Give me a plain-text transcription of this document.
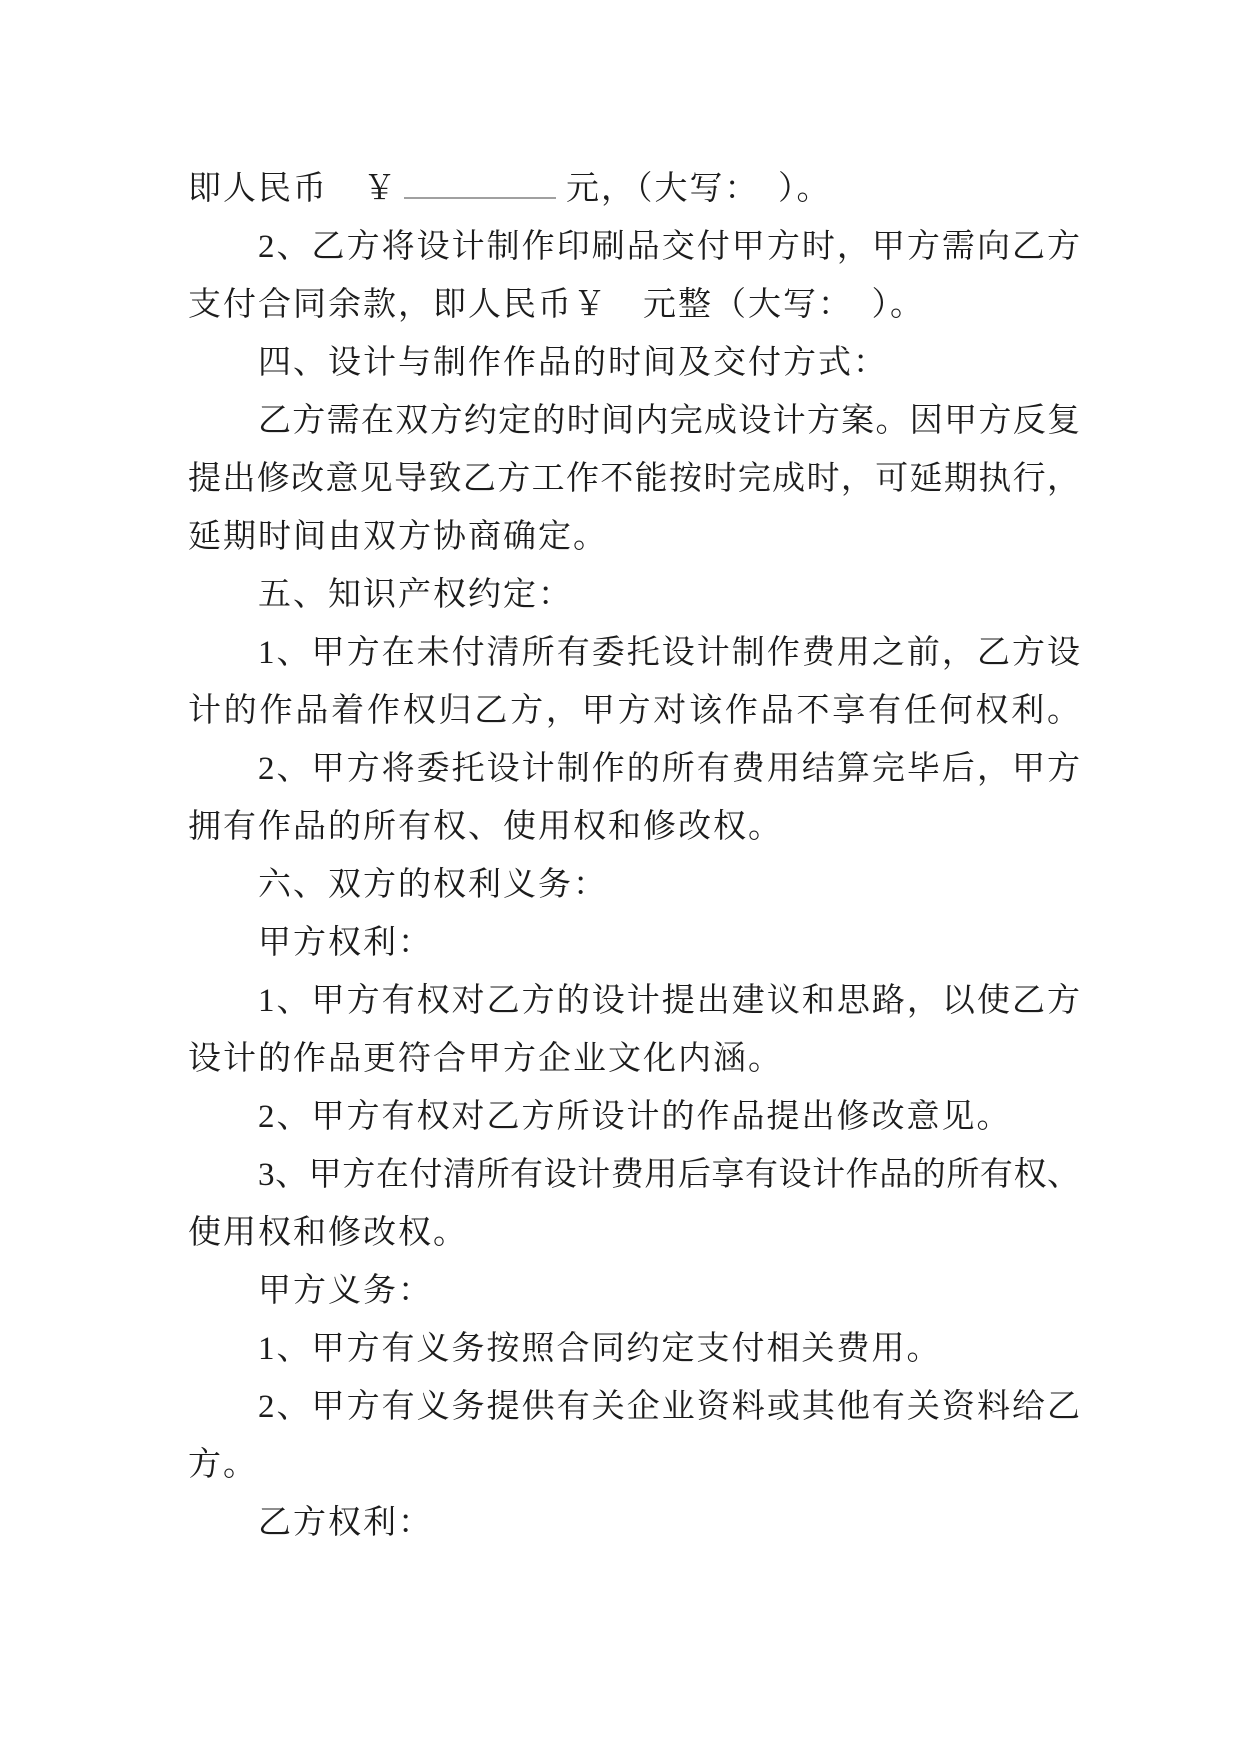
即人民币　￥	元，（大写：　）。
2、乙方将设计制作印刷品交付甲方时，甲方需向乙方
支付合同余款，即人民币￥　元整（大写：　）。
四、设计与制作作品的时间及交付方式：
乙方需在双方约定的时间内完成设计方案。因甲方反复
提出修改意见导致乙方工作不能按时完成时，可延期执行，
延期时间由双方协商确定。
五、知识产权约定：
1、甲方在未付清所有委托设计制作费用之前，乙方设
计的作品着作权归乙方，甲方对该作品不享有任何权利。
2、甲方将委托设计制作的所有费用结算完毕后，甲方
拥有作品的所有权、使用权和修改权。
六、双方的权利义务：
甲方权利：
1、甲方有权对乙方的设计提出建议和思路，以使乙方
设计的作品更符合甲方企业文化内涵。
2、甲方有权对乙方所设计的作品提出修改意见。
3、甲方在付清所有设计费用后享有设计作品的所有权、
使用权和修改权。
甲方义务：
1、甲方有义务按照合同约定支付相关费用。
2、甲方有义务提供有关企业资料或其他有关资料给乙
方。
乙方权利：
